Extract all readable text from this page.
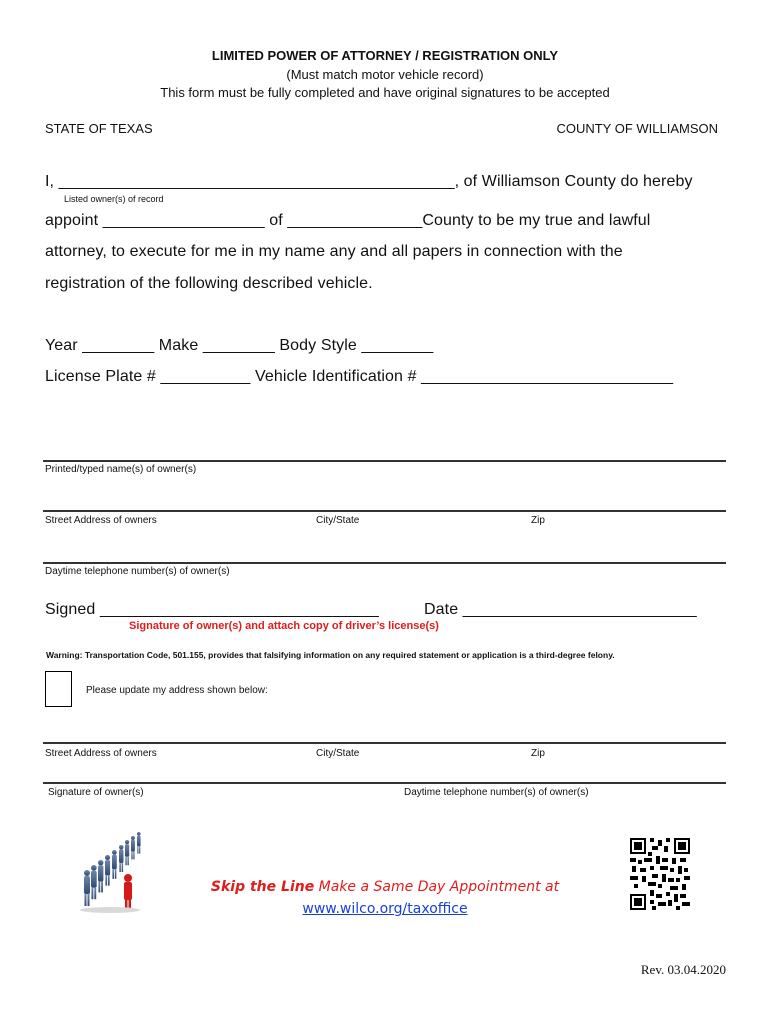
LIMITED POWER OF ATTORNEY / REGISTRATION ONLY
(Must match motor vehicle record)
This form must be fully completed and have original signatures to be accepted
STATE OF TEXAS	COUNTY OF WILLIAMSON
I, ____________________________________________, of Williamson County do hereby
Listed owner(s) of record
appoint __________________ of _______________County to be my true and lawful
attorney, to execute for me in my name any and all papers in connection with the
registration of the following described vehicle.
Year ________ Make ________ Body Style ________
License Plate # __________ Vehicle Identification # ____________________________
Printed/typed name(s) of owner(s)
Street Address of owners	City/State	Zip
Daytime telephone number(s) of owner(s)
Signed _______________________________	Date __________________________
Signature of owner(s) and attach copy of driver’s license(s)
Warning: Transportation Code, 501.155, provides that falsifying information on any required statement or application is a third-degree felony.
Please update my address shown below:
Street Address of owners	City/State	Zip
Signature of owner(s)	Daytime telephone number(s) of owner(s)
Skip the Line Make a Same Day Appointment at
www.wilco.org/taxoffice
Rev. 03.04.2020
